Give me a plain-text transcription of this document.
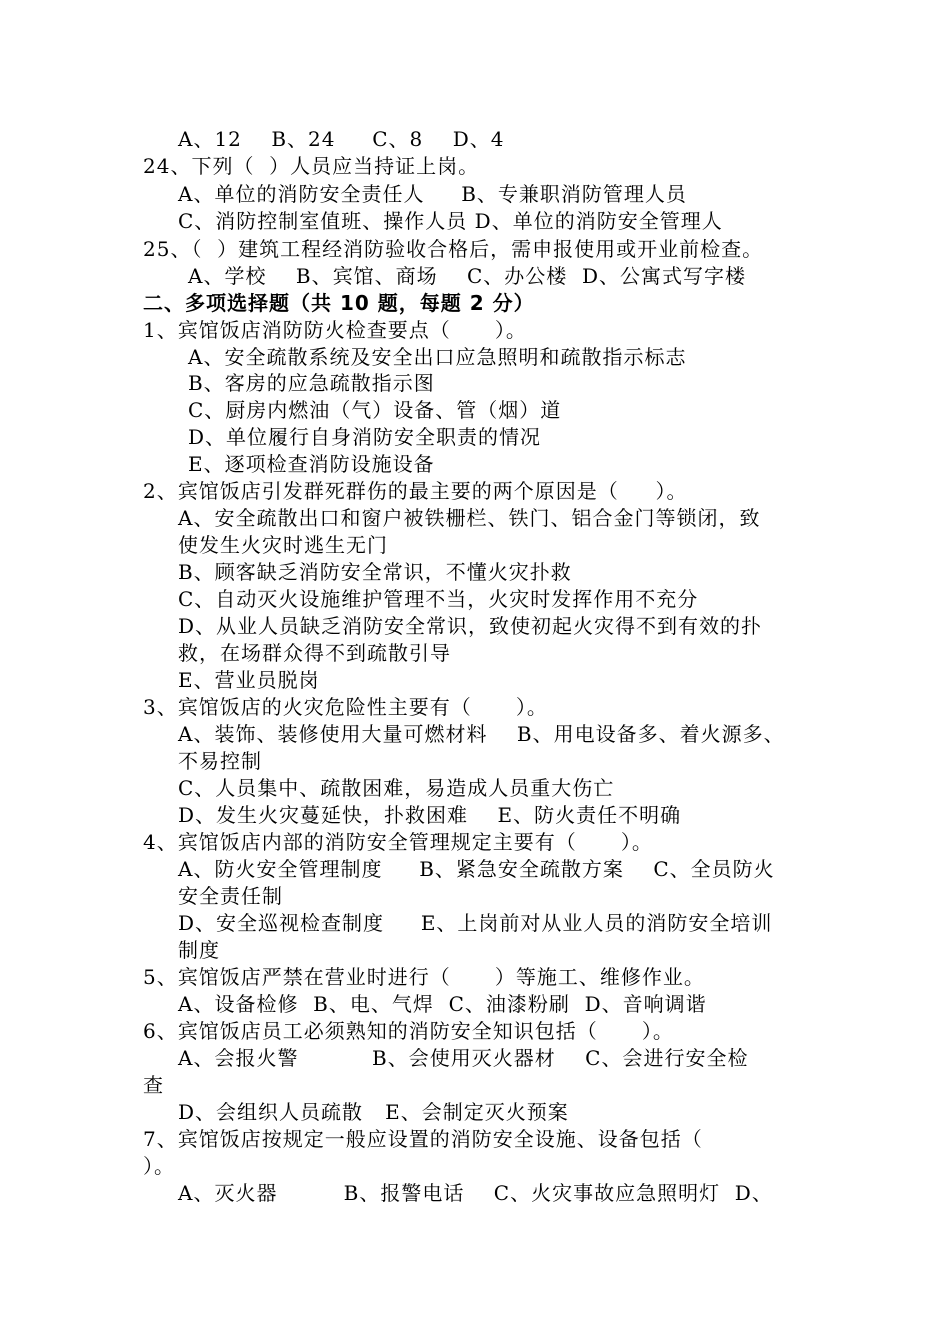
A、12    B、24     C、8    D、4
24、下列（  ）人员应当持证上岗。
A、单位的消防安全责任人     B、专兼职消防管理人员
C、消防控制室值班、操作人员 D、单位的消防安全管理人
25、（  ）建筑工程经消防验收合格后，需申报使用或开业前检查。
A、学校    B、宾馆、商场    C、办公楼  D、公寓式写字楼
二、多项选择题（共 10 题，每题 2 分）
1、宾馆饭店消防防火检查要点（      ）。
A、安全疏散系统及安全出口应急照明和疏散指示标志
B、客房的应急疏散指示图
C、厨房内燃油（气）设备、管（烟）道
D、单位履行自身消防安全职责的情况
E、逐项检查消防设施设备
2、宾馆饭店引发群死群伤的最主要的两个原因是（     ）。
A、安全疏散出口和窗户被铁栅栏、铁门、铝合金门等锁闭，致
使发生火灾时逃生无门
B、顾客缺乏消防安全常识，不懂火灾扑救
C、自动灭火设施维护管理不当，火灾时发挥作用不充分
D、从业人员缺乏消防安全常识，致使初起火灾得不到有效的扑
救，在场群众得不到疏散引导
E、营业员脱岗
3、宾馆饭店的火灾危险性主要有（      ）。
A、装饰、装修使用大量可燃材料    B、用电设备多、着火源多、
不易控制
C、人员集中、疏散困难，易造成人员重大伤亡
D、发生火灾蔓延快，扑救困难    E、防火责任不明确
4、宾馆饭店内部的消防安全管理规定主要有（      ）。
A、防火安全管理制度     B、紧急安全疏散方案    C、全员防火
安全责任制
D、安全巡视检查制度     E、上岗前对从业人员的消防安全培训
制度
5、宾馆饭店严禁在营业时进行（      ）等施工、维修作业。
A、设备检修  B、电、气焊  C、油漆粉刷  D、音响调谐
6、宾馆饭店员工必须熟知的消防安全知识包括（      ）。
A、会报火警          B、会使用灭火器材    C、会进行安全检
查
D、会组织人员疏散   E、会制定灭火预案
7、宾馆饭店按规定一般应设置的消防安全设施、设备包括（
）。
A、灭火器         B、报警电话    C、火灾事故应急照明灯  D、
